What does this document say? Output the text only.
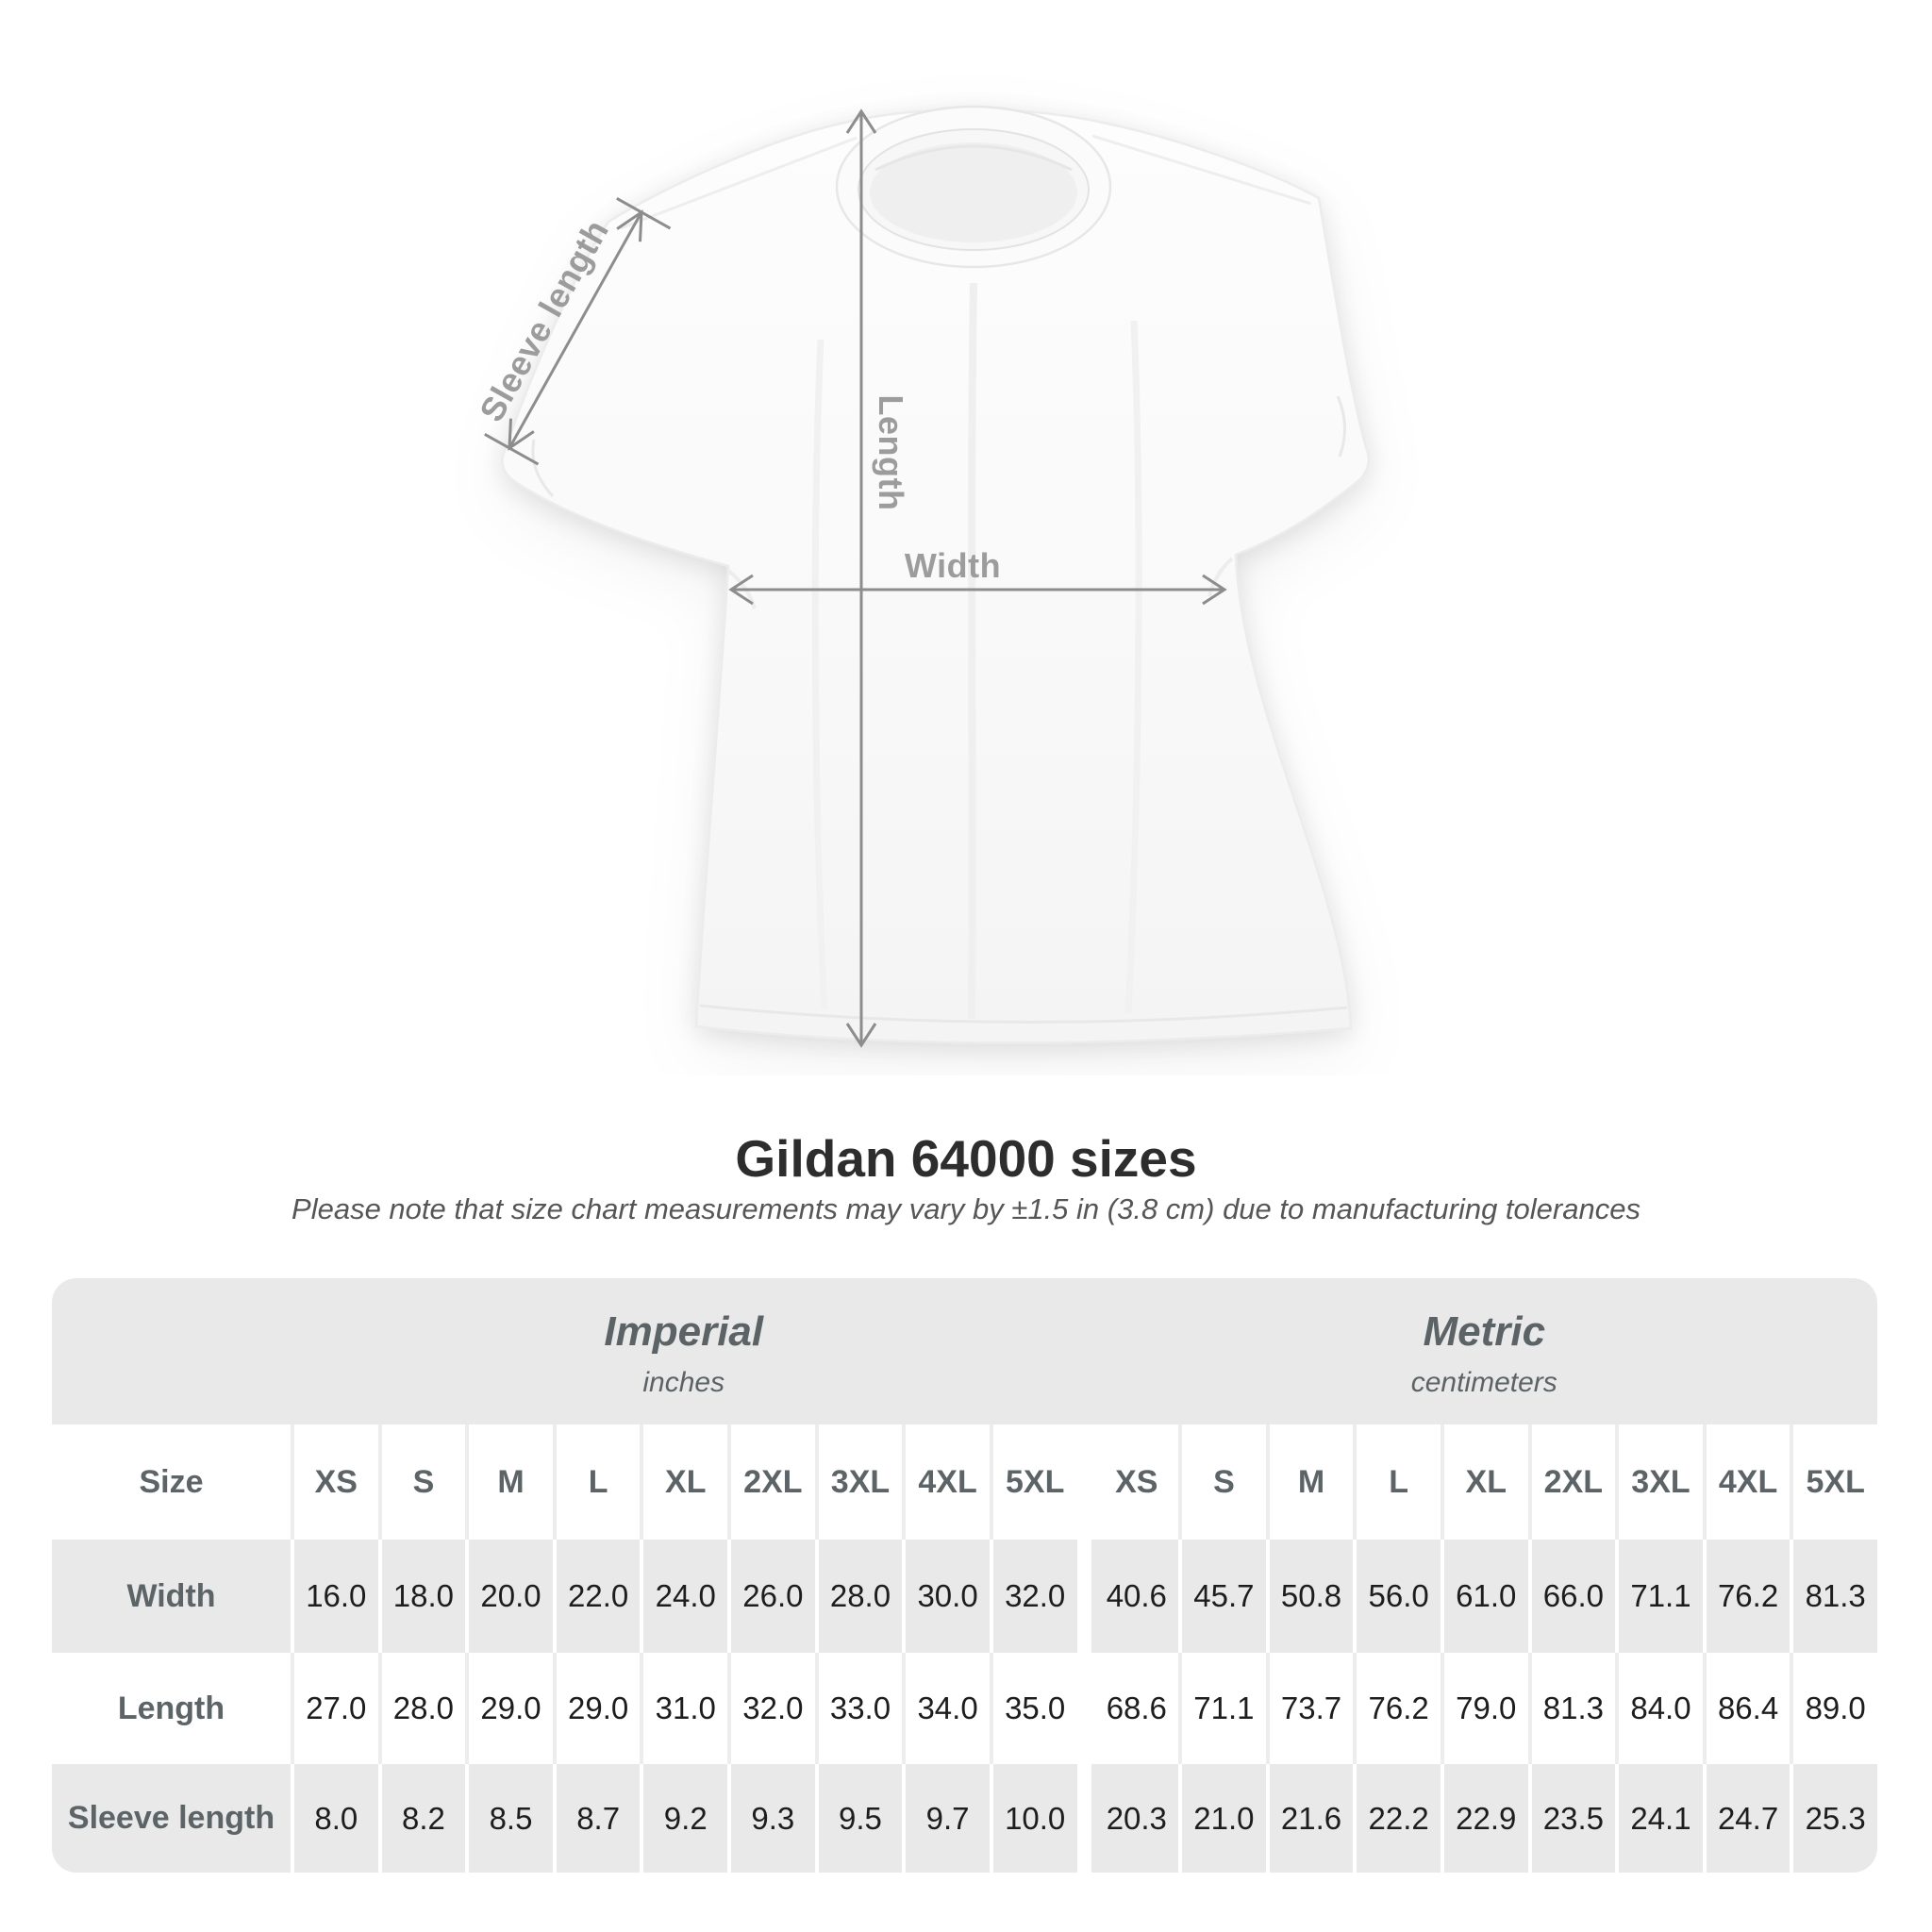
Sleeve length
Length
Width
Gildan 64000 sizes
Please note that size chart measurements may vary by ±1.5 in (3.8 cm) due to manufacturing tolerances
Imperial
inches
Metric
centimeters
Size	XS	S	M	L	XL	2XL 3XL 4XL 5XL	XS	S	M	L	XL	2XL 3XL 4XL 5XL
Width	16.0 18.0 20.0 22.0 24.0 26.0 28.0 30.0 32.0	40.6 45.7 50.8 56.0 61.0 66.0 71.1 76.2 81.3
Length	27.0 28.0 29.0 29.0 31.0 32.0 33.0 34.0 35.0	68.6 71.1 73.7 76.2 79.0 81.3 84.0 86.4 89.0
Sleeve length	8.0	8.2	8.5	8.7	9.2	9.3	9.5	9.7	10.0	20.3 21.0 21.6 22.2 22.9 23.5 24.1 24.7 25.3
